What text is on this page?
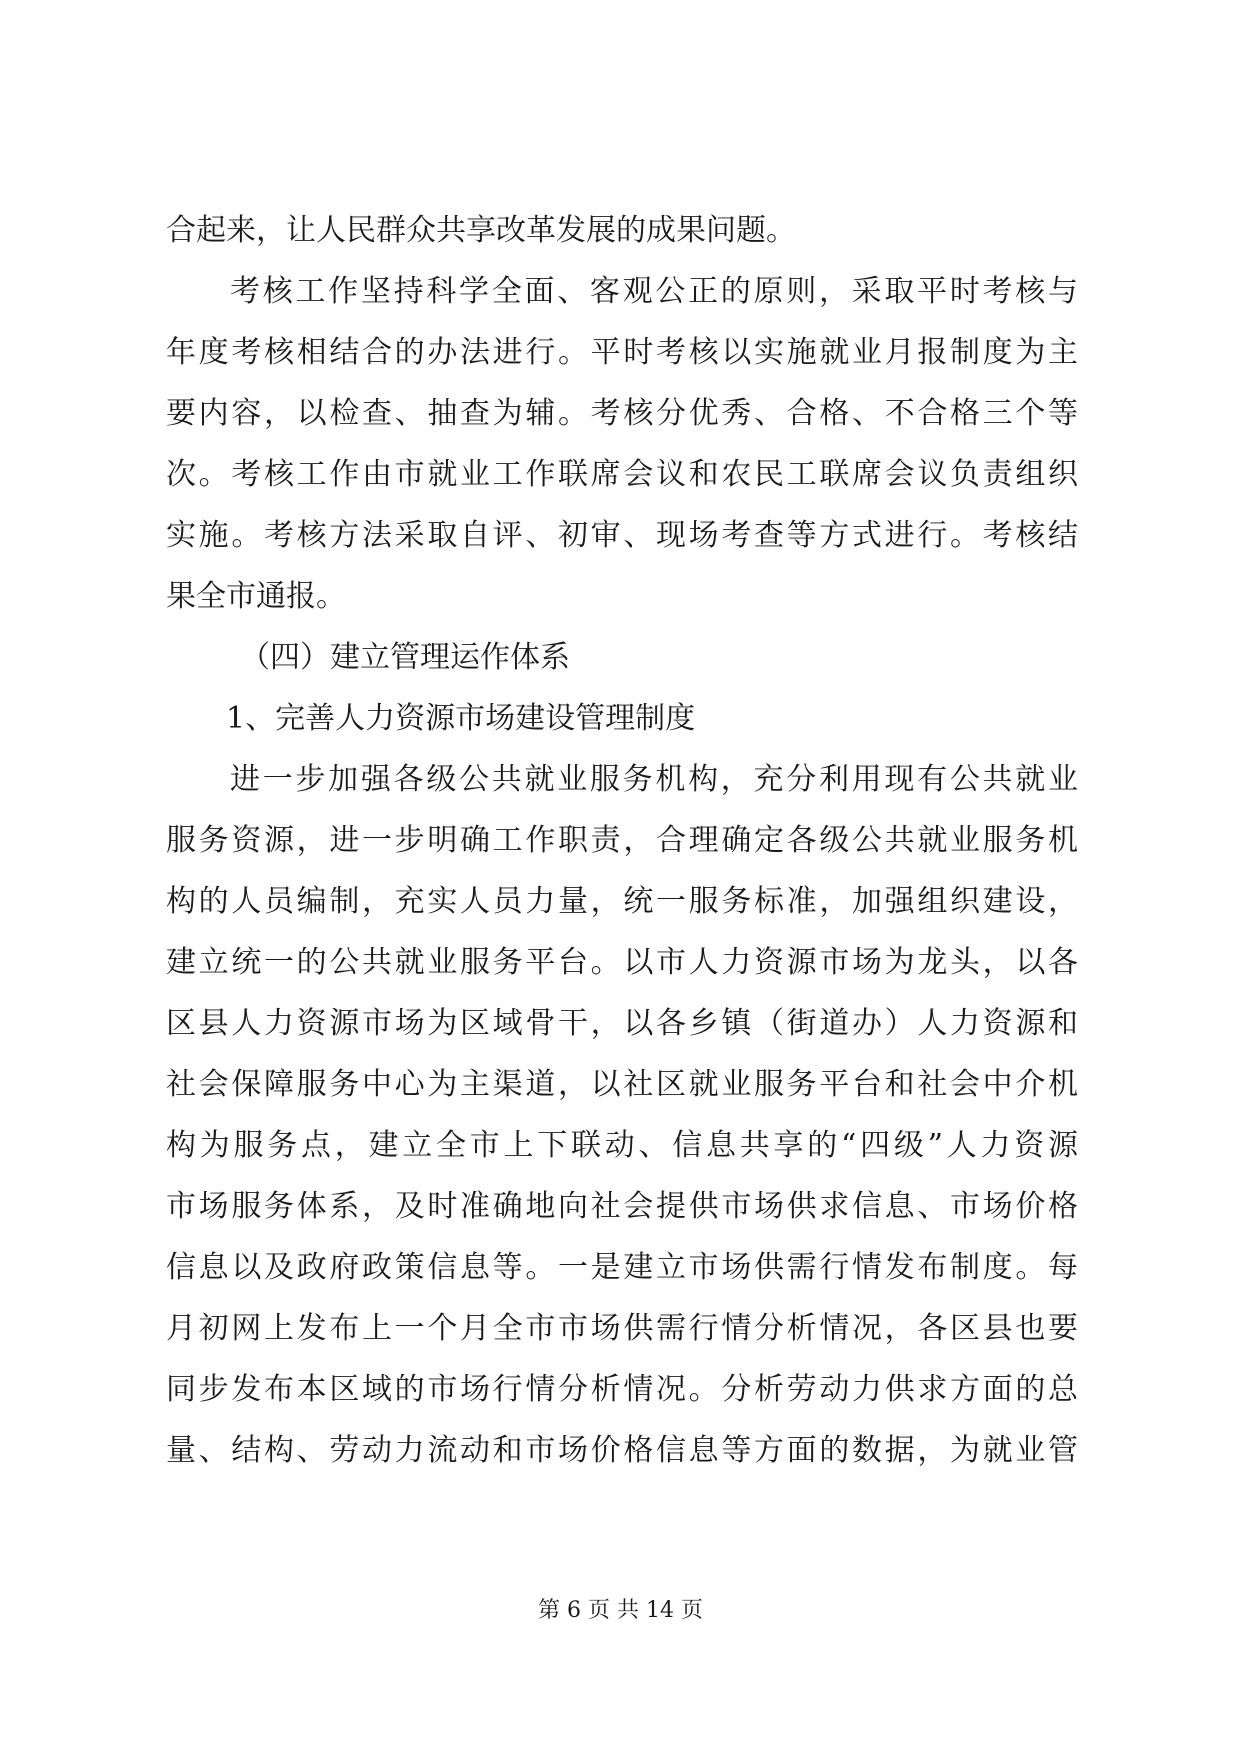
合起来，让人民群众共享改革发展的成果问题。
考核工作坚持科学全面、客观公正的原则，采取平时考核与
年度考核相结合的办法进行。平时考核以实施就业月报制度为主
要内容，以检查、抽查为辅。考核分优秀、合格、不合格三个等
次。考核工作由市就业工作联席会议和农民工联席会议负责组织
实施。考核方法采取自评、初审、现场考查等方式进行。考核结
果全市通报。
（四）建立管理运作体系
1、完善人力资源市场建设管理制度
进一步加强各级公共就业服务机构，充分利用现有公共就业
服务资源，进一步明确工作职责，合理确定各级公共就业服务机
构的人员编制，充实人员力量，统一服务标准，加强组织建设，
建立统一的公共就业服务平台。以市人力资源市场为龙头，以各
区县人力资源市场为区域骨干，以各乡镇（街道办）人力资源和
社会保障服务中心为主渠道，以社区就业服务平台和社会中介机
构为服务点，建立全市上下联动、信息共享的“四级”人力资源
市场服务体系，及时准确地向社会提供市场供求信息、市场价格
信息以及政府政策信息等。一是建立市场供需行情发布制度。每
月初网上发布上一个月全市市场供需行情分析情况，各区县也要
同步发布本区域的市场行情分析情况。分析劳动力供求方面的总
量、结构、劳动力流动和市场价格信息等方面的数据，为就业管
第 6 页 共 14 页
